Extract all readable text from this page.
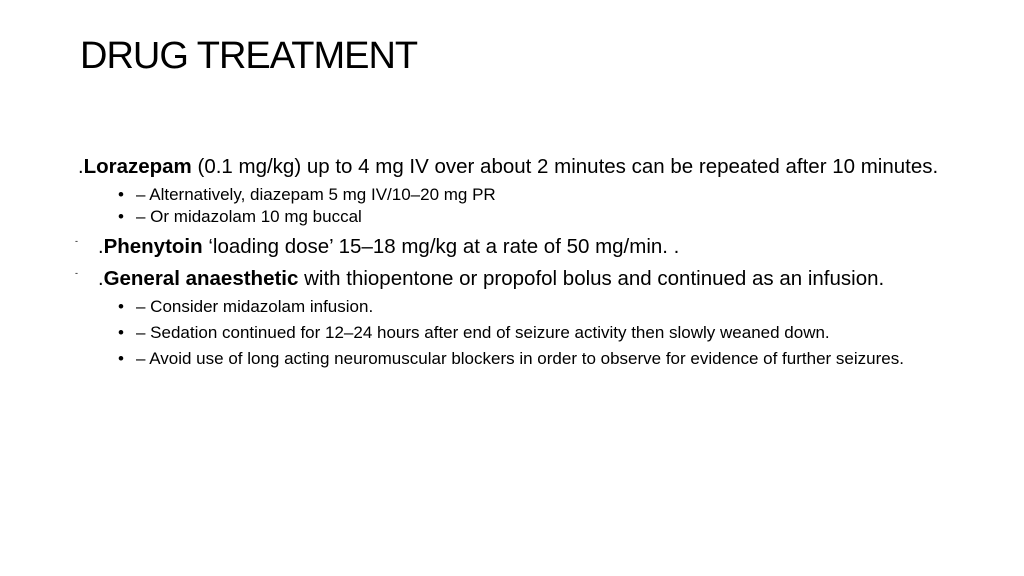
DRUG TREATMENT
.Lorazepam (0.1 mg/kg) up to 4 mg IV over about 2 minutes can be repeated after 10 minutes.
• – Alternatively, diazepam 5 mg IV/10–20 mg PR
• – Or midazolam 10 mg buccal
- .Phenytoin ‘loading dose’ 15–18 mg/kg at a rate of 50 mg/min. .
- .General anaesthetic with thiopentone or propofol bolus and continued as an infusion.
• – Consider midazolam infusion.
• – Sedation continued for 12–24 hours after end of seizure activity then slowly weaned down.
• – Avoid use of long acting neuromuscular blockers in order to observe for evidence of further seizures.
